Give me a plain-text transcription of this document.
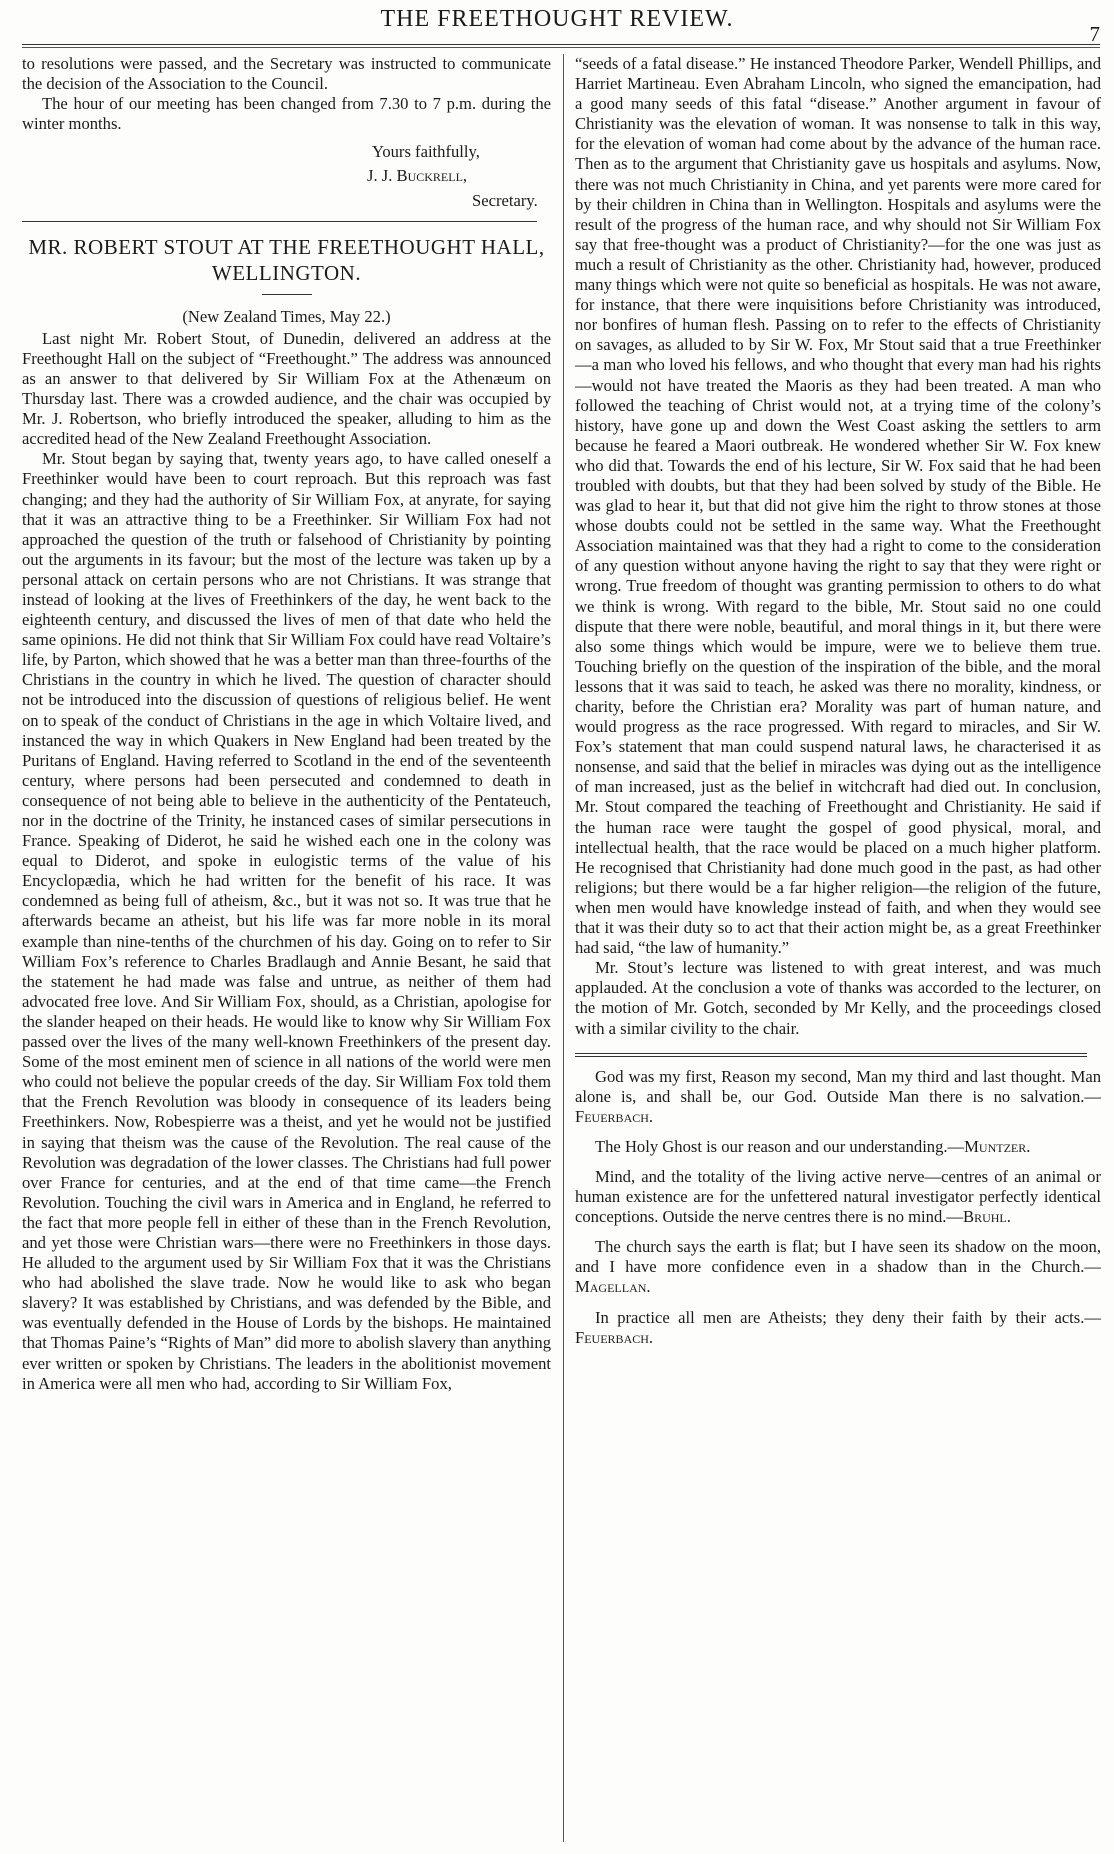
THE FREETHOUGHT REVIEW.
7

to resolutions were passed, and the Secretary was instructed to communicate the decision of the Association to the Council.

The hour of our meeting has been changed from 7.30 to 7 p.m. during the winter months.

Yours faithfully,
J. J. Buckrell,
Secretary.
MR. ROBERT STOUT AT THE FREETHOUGHT HALL, WELLINGTON.
(New Zealand Times, May 22.)

Last night Mr. Robert Stout, of Dunedin, delivered an address at the Freethought Hall on the subject of “Freethought.” The address was announced as an answer to that delivered by Sir William Fox at the Athenæum on Thursday last. There was a crowded audience, and the chair was occupied by Mr. J. Robertson, who briefly introduced the speaker, alluding to him as the accredited head of the New Zealand Freethought Association.

Mr. Stout began by saying that, twenty years ago, to have called oneself a Freethinker would have been to court reproach. But this reproach was fast changing; and they had the authority of Sir William Fox, at anyrate, for saying that it was an attractive thing to be a Freethinker. Sir William Fox had not approached the question of the truth or falsehood of Christianity by pointing out the arguments in its favour; but the most of the lecture was taken up by a personal attack on certain persons who are not Christians. It was strange that instead of looking at the lives of Freethinkers of the day, he went back to the eighteenth century, and discussed the lives of men of that date who held the same opinions. He did not think that Sir William Fox could have read Voltaire’s life, by Parton, which showed that he was a better man than three-fourths of the Christians in the country in which he lived. The question of character should not be introduced into the discussion of questions of religious belief. He went on to speak of the conduct of Christians in the age in which Voltaire lived, and instanced the way in which Quakers in New England had been treated by the Puritans of England. Having referred to Scotland in the end of the seventeenth century, where persons had been persecuted and condemned to death in consequence of not being able to believe in the authenticity of the Pentateuch, nor in the doctrine of the Trinity, he instanced cases of similar persecutions in France. Speaking of Diderot, he said he wished each one in the colony was equal to Diderot, and spoke in eulogistic terms of the value of his Encyclopædia, which he had written for the benefit of his race. It was condemned as being full of atheism, &c., but it was not so. It was true that he afterwards became an atheist, but his life was far more noble in its moral example than nine-tenths of the churchmen of his day. Going on to refer to Sir William Fox’s reference to Charles Bradlaugh and Annie Besant, he said that the statement he had made was false and untrue, as neither of them had advocated free love. And Sir William Fox, should, as a Christian, apologise for the slander heaped on their heads. He would like to know why Sir William Fox passed over the lives of the many well-known Freethinkers of the present day. Some of the most eminent men of science in all nations of the world were men who could not believe the popular creeds of the day. Sir William Fox told them that the French Revolution was bloody in consequence of its leaders being Freethinkers. Now, Robespierre was a theist, and yet he would not be justified in saying that theism was the cause of the Revolution. The real cause of the Revolution was degradation of the lower classes. The Christians had full power over France for centuries, and at the end of that time came—the French Revolution. Touching the civil wars in America and in England, he referred to the fact that more people fell in either of these than in the French Revolution, and yet those were Christian wars—there were no Freethinkers in those days. He alluded to the argument used by Sir William Fox that it was the Christians who had abolished the slave trade. Now he would like to ask who began slavery? It was established by Christians, and was defended by the Bible, and was eventually defended in the House of Lords by the bishops. He maintained that Thomas Paine’s “Rights of Man” did more to abolish slavery than anything ever written or spoken by Christians. The leaders in the abolitionist movement in America were all men who had, according to Sir William Fox,

“seeds of a fatal disease.” He instanced Theodore Parker, Wendell Phillips, and Harriet Martineau. Even Abraham Lincoln, who signed the emancipation, had a good many seeds of this fatal “disease.” Another argument in favour of Christianity was the elevation of woman. It was nonsense to talk in this way, for the elevation of woman had come about by the advance of the human race. Then as to the argument that Christianity gave us hospitals and asylums. Now, there was not much Christianity in China, and yet parents were more cared for by their children in China than in Wellington. Hospitals and asylums were the result of the progress of the human race, and why should not Sir William Fox say that free-thought was a product of Christianity?—for the one was just as much a result of Christianity as the other. Christianity had, however, produced many things which were not quite so beneficial as hospitals. He was not aware, for instance, that there were inquisitions before Christianity was introduced, nor bonfires of human flesh. Passing on to refer to the effects of Christianity on savages, as alluded to by Sir W. Fox, Mr Stout said that a true Freethinker—a man who loved his fellows, and who thought that every man had his rights—would not have treated the Maoris as they had been treated. A man who followed the teaching of Christ would not, at a trying time of the colony’s history, have gone up and down the West Coast asking the settlers to arm because he feared a Maori outbreak. He wondered whether Sir W. Fox knew who did that. Towards the end of his lecture, Sir W. Fox said that he had been troubled with doubts, but that they had been solved by study of the Bible. He was glad to hear it, but that did not give him the right to throw stones at those whose doubts could not be settled in the same way. What the Freethought Association maintained was that they had a right to come to the consideration of any question without anyone having the right to say that they were right or wrong. True freedom of thought was granting permission to others to do what we think is wrong. With regard to the bible, Mr. Stout said no one could dispute that there were noble, beautiful, and moral things in it, but there were also some things which would be impure, were we to believe them true. Touching briefly on the question of the inspiration of the bible, and the moral lessons that it was said to teach, he asked was there no morality, kindness, or charity, before the Christian era? Morality was part of human nature, and would progress as the race progressed. With regard to miracles, and Sir W. Fox’s statement that man could suspend natural laws, he characterised it as nonsense, and said that the belief in miracles was dying out as the intelligence of man increased, just as the belief in witchcraft had died out. In conclusion, Mr. Stout compared the teaching of Freethought and Christianity. He said if the human race were taught the gospel of good physical, moral, and intellectual health, that the race would be placed on a much higher platform. He recognised that Christianity had done much good in the past, as had other religions; but there would be a far higher religion—the religion of the future, when men would have knowledge instead of faith, and when they would see that it was their duty so to act that their action might be, as a great Freethinker had said, “the law of humanity.”

Mr. Stout’s lecture was listened to with great interest, and was much applauded. At the conclusion a vote of thanks was accorded to the lecturer, on the motion of Mr. Gotch, seconded by Mr Kelly, and the proceedings closed with a similar civility to the chair.

God was my first, Reason my second, Man my third and last thought. Man alone is, and shall be, our God. Outside Man there is no salvation.—Feuerbach.

The Holy Ghost is our reason and our understanding.—Muntzer.

Mind, and the totality of the living active nerve—centres of an animal or human existence are for the unfettered natural investigator perfectly identical conceptions. Outside the nerve centres there is no mind.—Bruhl.

The church says the earth is flat; but I have seen its shadow on the moon, and I have more confidence even in a shadow than in the Church.—Magellan.

In practice all men are Atheists; they deny their faith by their acts.—Feuerbach.
